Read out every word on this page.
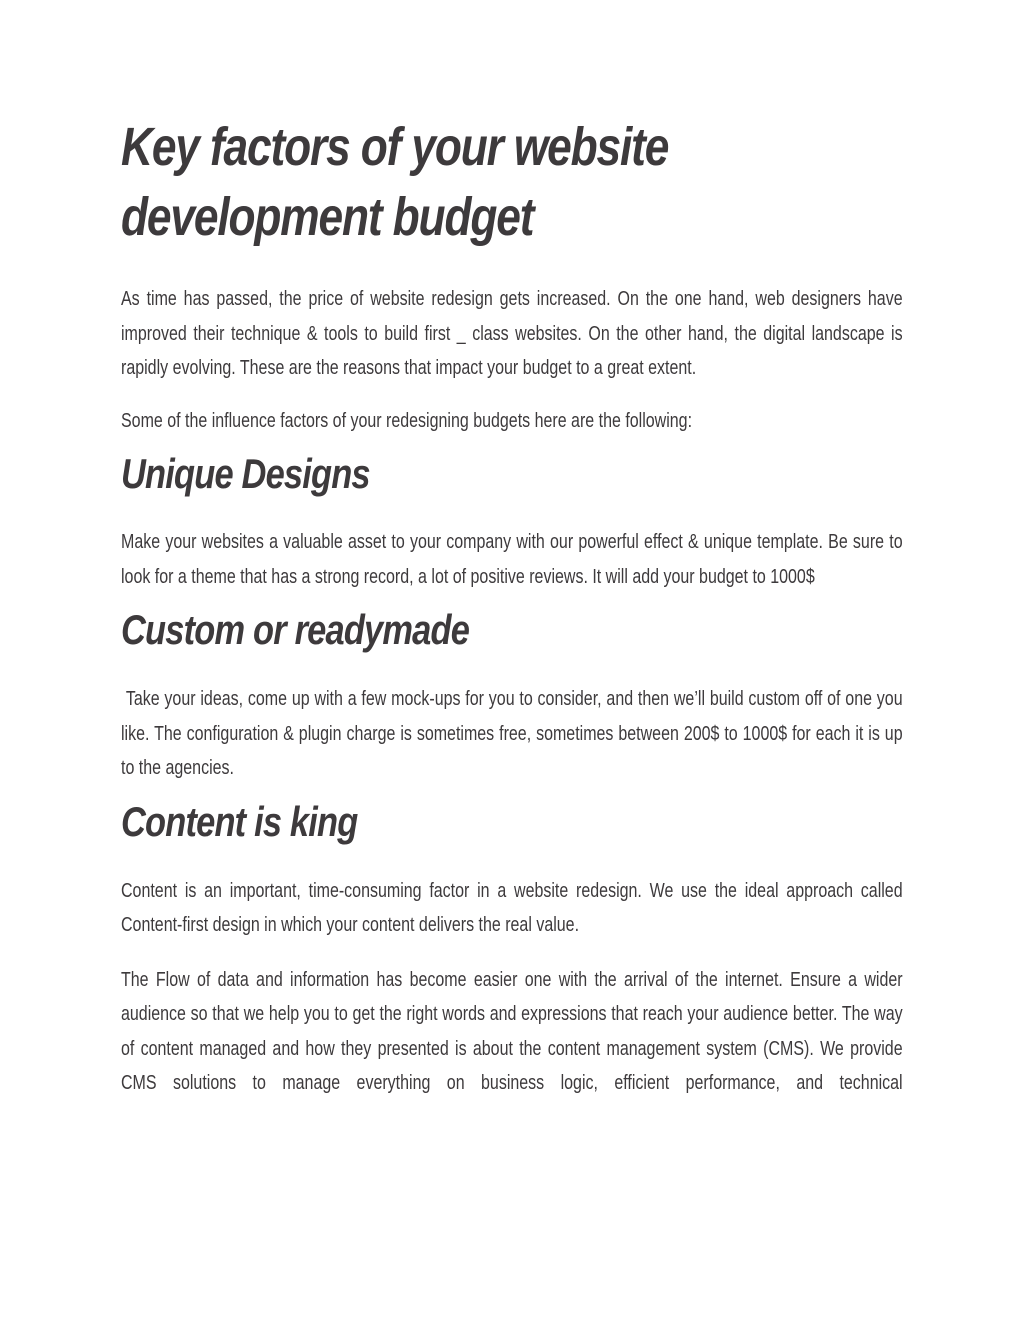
Key factors of your website development budget

As time has passed, the price of website redesign gets increased. On the one hand, web designers have improved their technique & tools to build first _ class websites. On the other hand, the digital landscape is rapidly evolving. These are the reasons that impact your budget to a great extent.

Some of the influence factors of your redesigning budgets here are the following:

Unique Designs

Make your websites a valuable asset to your company with our powerful effect & unique template. Be sure to look for a theme that has a strong record, a lot of positive reviews. It will add your budget to 1000$

Custom or readymade

Take your ideas, come up with a few mock-ups for you to consider, and then we’ll build custom off of one you like. The configuration & plugin charge is sometimes free, sometimes between 200$ to 1000$ for each it is up to the agencies.

Content is king

Content is an important, time-consuming factor in a website redesign. We use the ideal approach called Content-first design in which your content delivers the real value.

The Flow of data and information has become easier one with the arrival of the internet. Ensure a wider audience so that we help you to get the right words and expressions that reach your audience better. The way of content managed and how they presented is about the content management system (CMS). We provide CMS solutions to manage everything on business logic, efficient performance, and technical
